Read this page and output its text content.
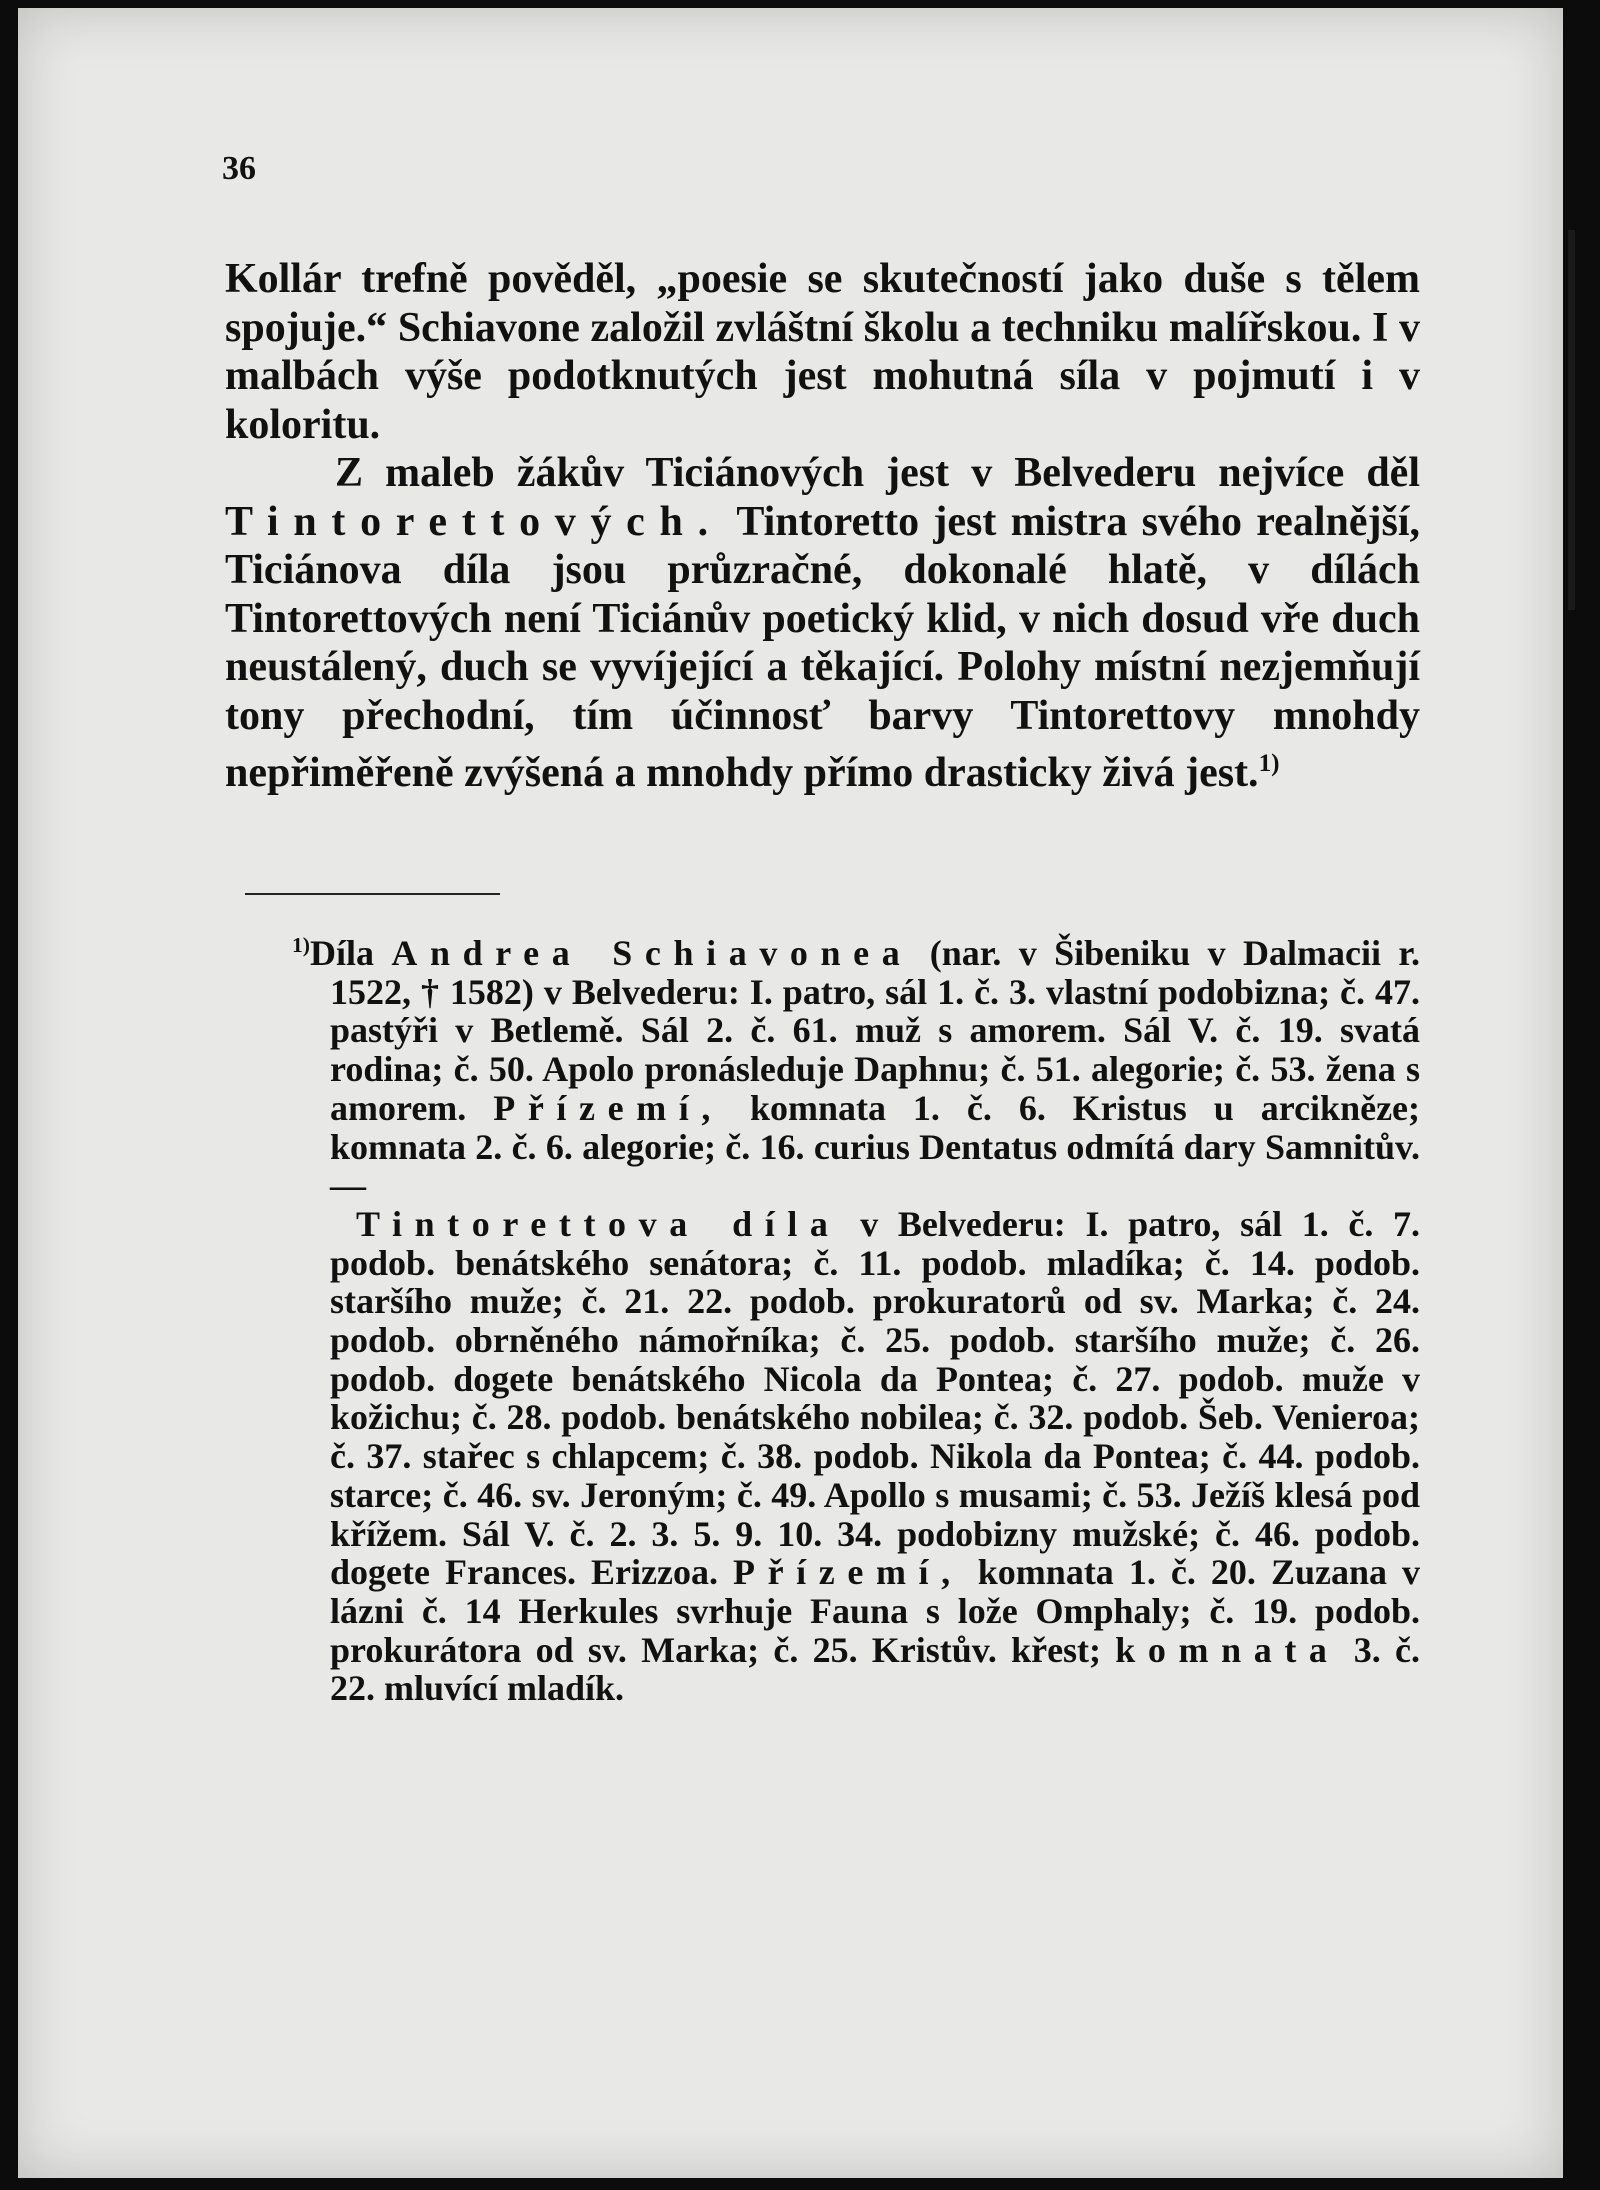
36

Kollár trefně pověděl, „poesie se skutečností jako duše s tělem spojuje.“ Schiavone založil zvláštní školu a techniku malířskou. I v malbách výše podotknutých jest mohutná síla v pojmutí i v koloritu.

Z maleb žákův Ticiánových jest v Belvederu nejvíce děl Tintorettových. Tintoretto jest mistra svého realnější, Ticiánova díla jsou průzračné, dokonalé hlatě, v dílách Tintorettových není Ticiánův poetický klid, v nich dosud vře duch neustálený, duch se vyvíjející a těkající. Polohy místní nezjemňují tony přechodní, tím účinnosť barvy Tintorettovy mnohdy nepřiměřeně zvýšená a mnohdy přímo drasticky živá jest.$^{1)}$

$^{1)}$Díla Andrea Schiavonea (nar. v Šibeniku v Dalmacii r. 1522, † 1582) v Belvederu: I. patro, sál 1. č. 3. vlastní podobizna; č. 47. pastýři v Betlemě. Sál 2. č. 61. muž s amorem. Sál V. č. 19. svatá rodina; č. 50. Apolo pronásleduje Daphnu; č. 51. alegorie; č. 53. žena s amorem. Přízemí, komnata 1. č. 6. Kristus u arcikněze; komnata 2. č. 6. alegorie; č. 16. curius Dentatus odmítá dary Samnitův. —

Tintorettova díla v Belvederu: I. patro, sál 1. č. 7. podob. benátského senátora; č. 11. podob. mladíka; č. 14. podob. staršího muže; č. 21. 22. podob. prokuratorů od sv. Marka; č. 24. podob. obrněného námořníka; č. 25. podob. staršího muže; č. 26. podob. dogete benátského Nicola da Pontea; č. 27. podob. muže v kožichu; č. 28. podob. benátského nobilea; č. 32. podob. Šeb. Venieroa; č. 37. stařec s chlapcem; č. 38. podob. Nikola da Pontea; č. 44. podob. starce; č. 46. sv. Jeroným; č. 49. Apollo s musami; č. 53. Ježíš klesá pod křížem. Sál V. č. 2. 3. 5. 9. 10. 34. podobizny mužské; č. 46. podob. dogete Frances. Erizzoa. Přízemí, komnata 1. č. 20. Zuzana v lázni č. 14 Herkules svrhuje Fauna s lože Omphaly; č. 19. podob. prokurátora od sv. Marka; č. 25. Kristův. křest; komnata 3. č. 22. mluvící mladík.
